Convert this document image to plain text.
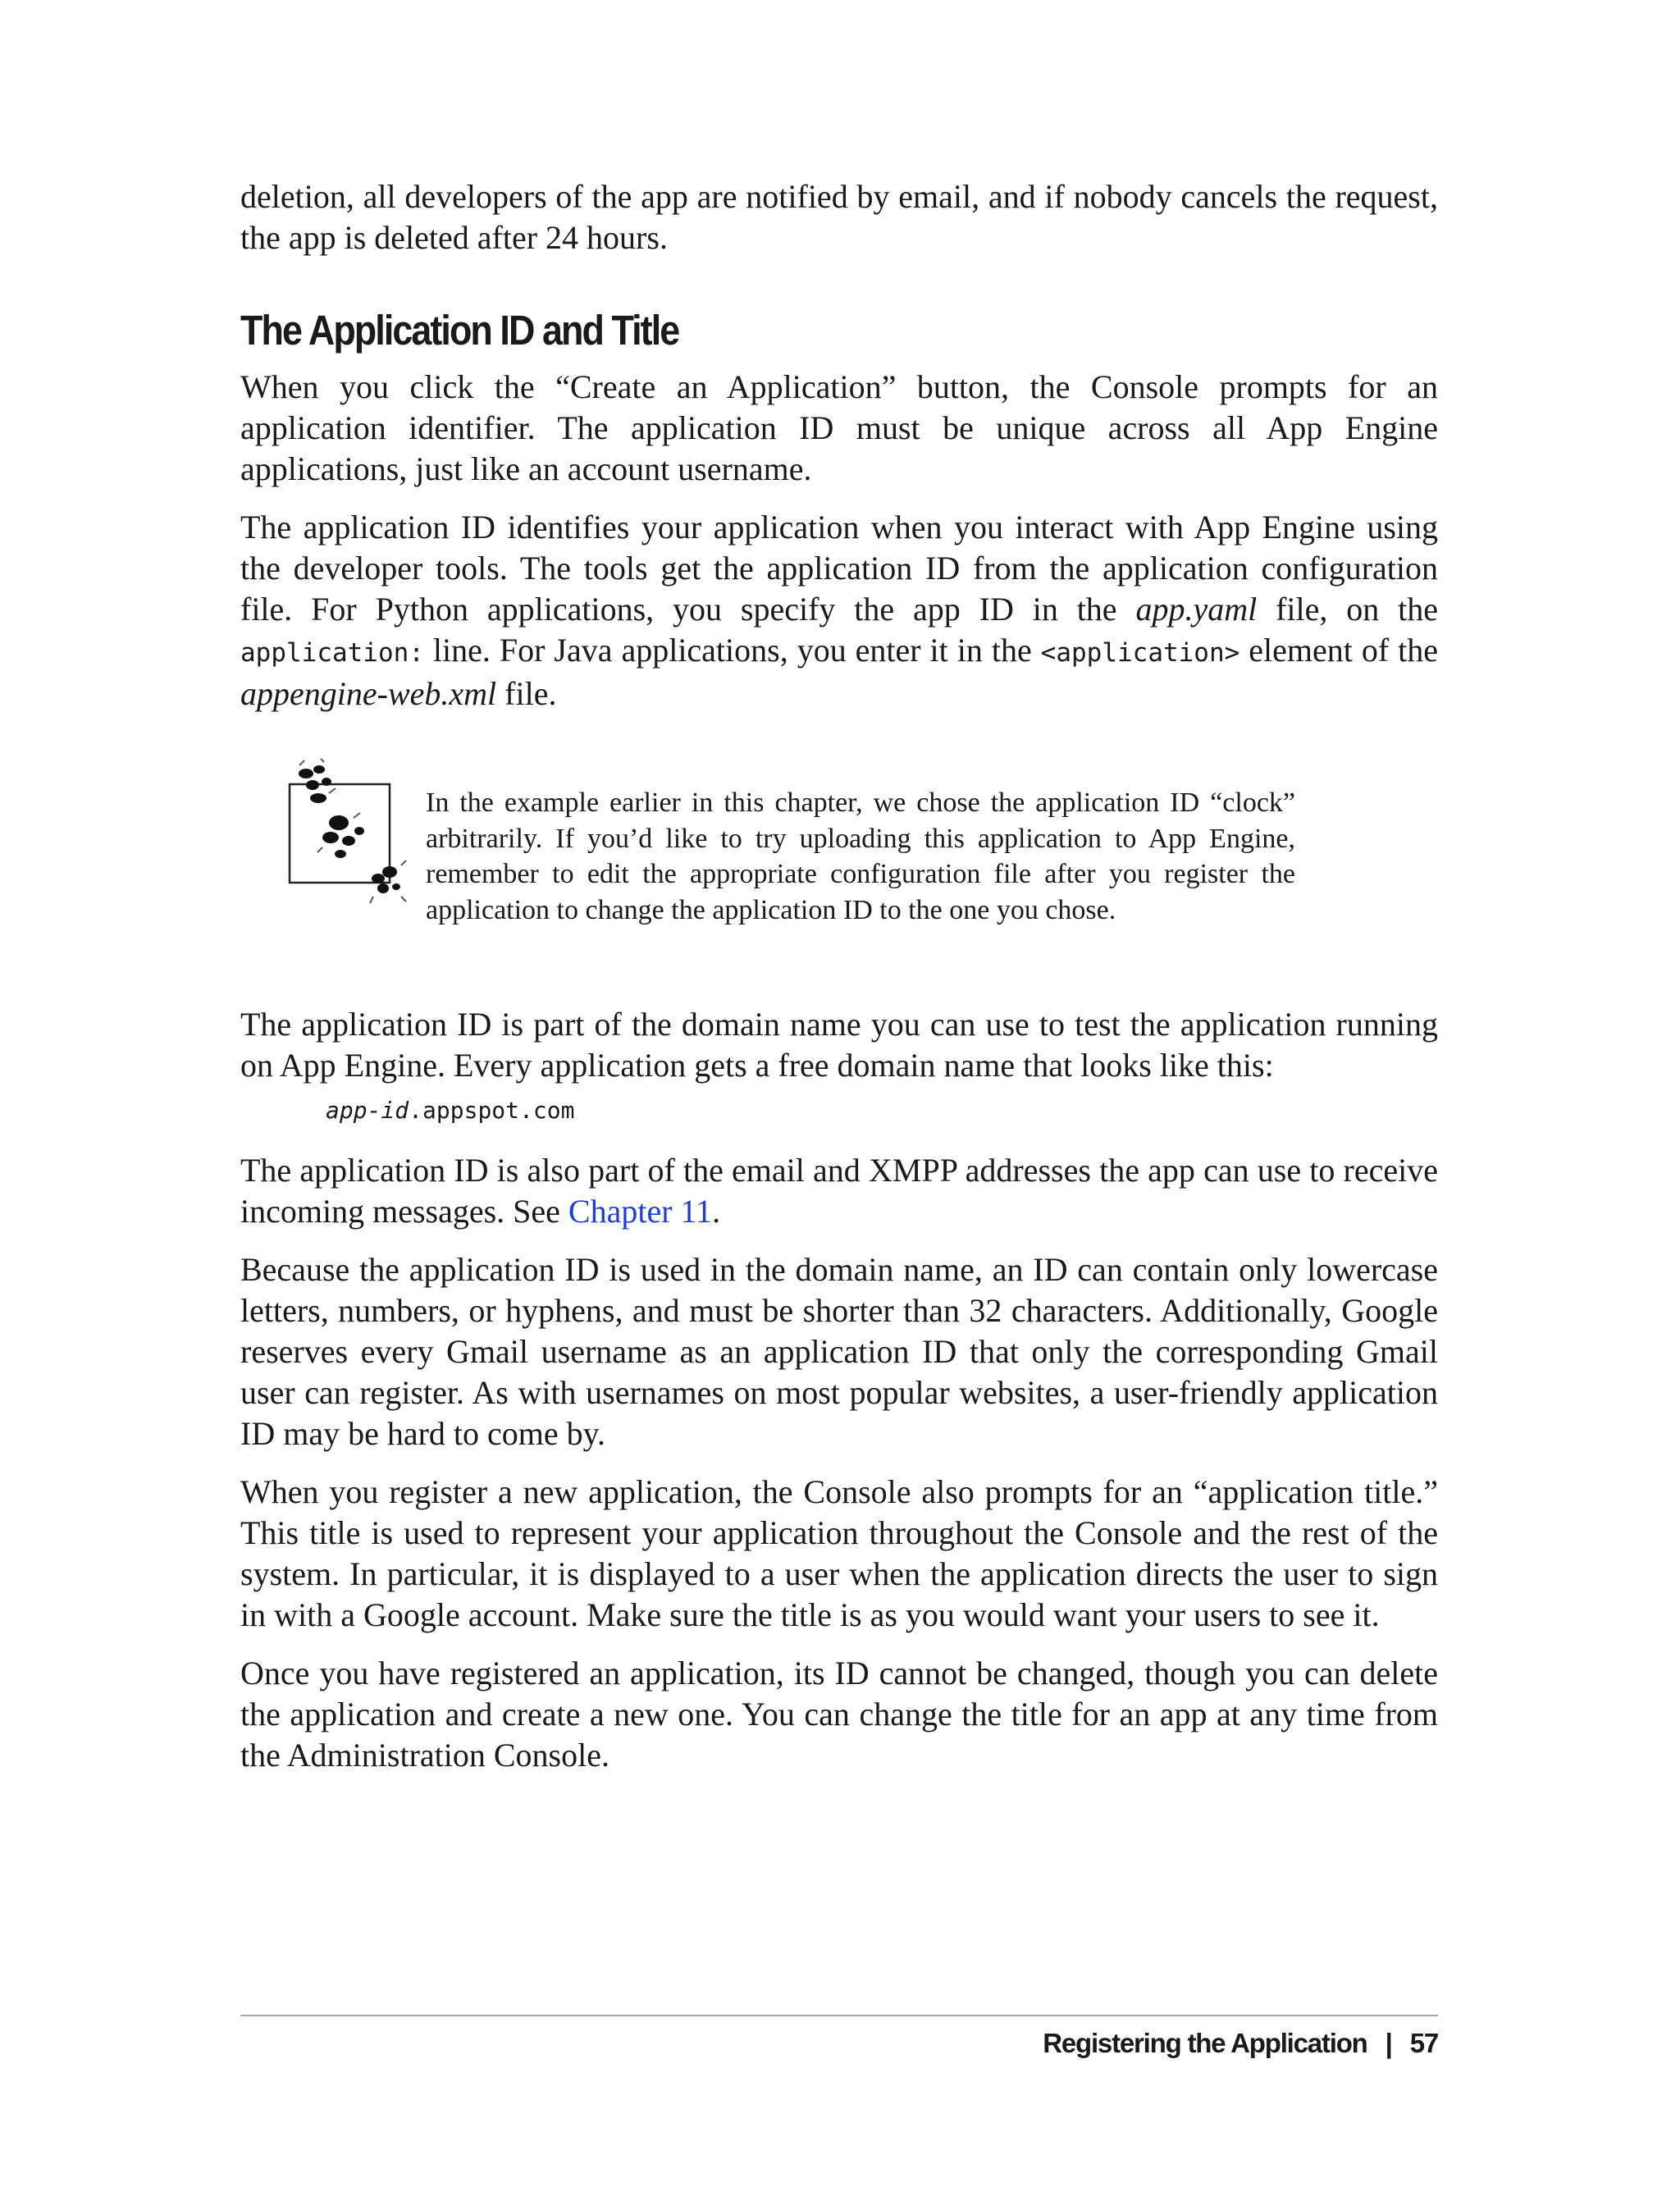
deletion, all developers of the app are notified by email, and if nobody cancels the request, the app is deleted after 24 hours.

The Application ID and Title

When you click the “Create an Application” button, the Console prompts for an application identifier. The application ID must be unique across all App Engine applications, just like an account username.

The application ID identifies your application when you interact with App Engine using the developer tools. The tools get the application ID from the application configuration file. For Python applications, you specify the app ID in the app.yaml file, on the application: line. For Java applications, you enter it in the <application> element of the appengine-web.xml file.

In the example earlier in this chapter, we chose the application ID “clock” arbitrarily. If you’d like to try uploading this application to App Engine, remember to edit the appropriate configuration file after you register the application to change the application ID to the one you chose.

The application ID is part of the domain name you can use to test the application running on App Engine. Every application gets a free domain name that looks like this:

app-id.appspot.com

The application ID is also part of the email and XMPP addresses the app can use to receive incoming messages. See Chapter 11.

Because the application ID is used in the domain name, an ID can contain only lowercase letters, numbers, or hyphens, and must be shorter than 32 characters. Additionally, Google reserves every Gmail username as an application ID that only the corresponding Gmail user can register. As with usernames on most popular websites, a user-friendly application ID may be hard to come by.

When you register a new application, the Console also prompts for an “application title.” This title is used to represent your application throughout the Console and the rest of the system. In particular, it is displayed to a user when the application directs the user to sign in with a Google account. Make sure the title is as you would want your users to see it.

Once you have registered an application, its ID cannot be changed, though you can delete the application and create a new one. You can change the title for an app at any time from the Administration Console.

Registering the Application | 57
